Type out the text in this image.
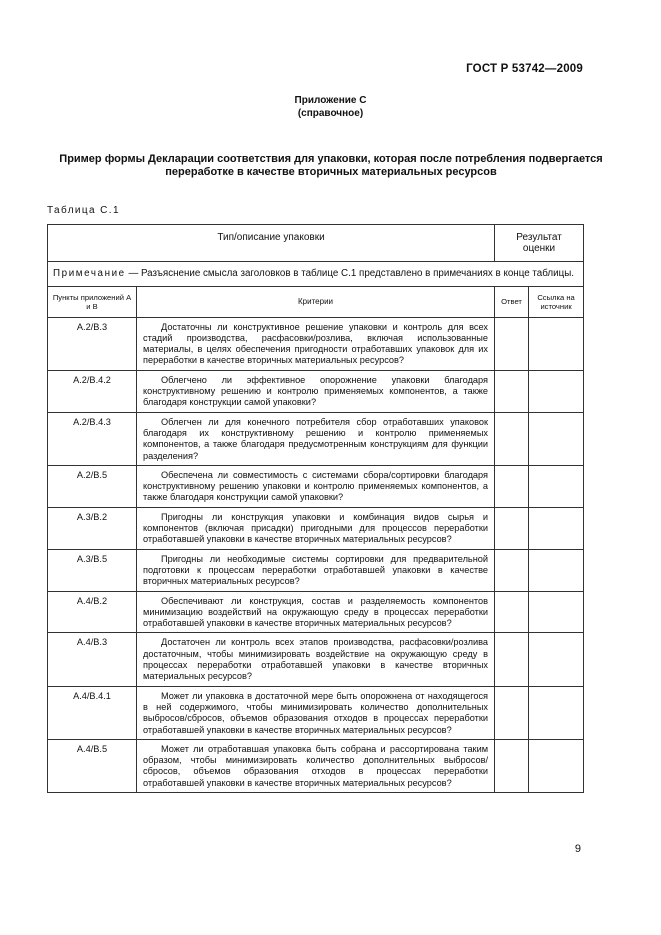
ГОСТ Р 53742—2009
Приложение С
(справочное)
Пример формы Декларации соответствия для упаковки, которая после потребления подвергается переработке в качестве вторичных материальных ресурсов
Таблица С.1
Тип/описание упаковки		Результат оценки	
Примечание — Разъяснение смысла заголовков в таблице С.1 представлено в примечаниях в конце таблицы.			
Пункты приложений А и В	Критерии	Ответ	Ссылка на источник
A.2/B.3	Достаточны ли конструктивное решение упаковки и контроль для всех стадий производства, расфасовки/розлива, включая использованные материалы, в целях обеспечения пригодности отработавших упаковок для их переработки в качестве вторичных материальных ресурсов?		
A.2/B.4.2	Облегчено ли эффективное опорожнение упаковки благодаря конструктивному решению и контролю применяемых компонентов, а также благодаря конструкции самой упаковки?		
A.2/B.4.3	Облегчен ли для конечного потребителя сбор отработавших упаковок благодаря их конструктивному решению и контролю применяемых компонентов, а также благодаря предусмотренным конструкциям для функции разделения?		
A.2/B.5	Обеспечена ли совместимость с системами сбора/сортировки благодаря конструктивному решению упаковки и контролю применяемых компонентов, а также благодаря конструкции самой упаковки?		
A.3/B.2	Пригодны ли конструкция упаковки и комбинация видов сырья и компонентов (включая присадки) пригодными для процессов переработки отработавшей упаковки в качестве вторичных материальных ресурсов?		
A.3/B.5	Пригодны ли необходимые системы сортировки для предварительной подготовки к процессам переработки отработавшей упаковки в качестве вторичных материальных ресурсов?		
A.4/B.2	Обеспечивают ли конструкция, состав и разделяемость компонентов минимизацию воздействий на окружающую среду в процессах переработки отработавшей упаковки в качестве вторичных материальных ресурсов?		
A.4/B.3	Достаточен ли контроль всех этапов производства, расфасовки/розлива достаточным, чтобы минимизировать воздействие на окружающую среду в процессах переработки отработавшей упаковки в качестве вторичных материальных ресурсов?		
A.4/B.4.1	Может ли упаковка в достаточной мере быть опорожнена от находящегося в ней содержимого, чтобы минимизировать количество дополнительных выбросов/сбросов, объемов образования отходов в процессах переработки отработавшей упаковки в качестве вторичных материальных ресурсов?		
A.4/B.5	Может ли отработавшая упаковка быть собрана и рассортирована таким образом, чтобы минимизировать количество дополнительных выбросов/сбросов, объемов образования отходов в процессах переработки отработавшей упаковки в качестве вторичных материальных ресурсов?		
9
